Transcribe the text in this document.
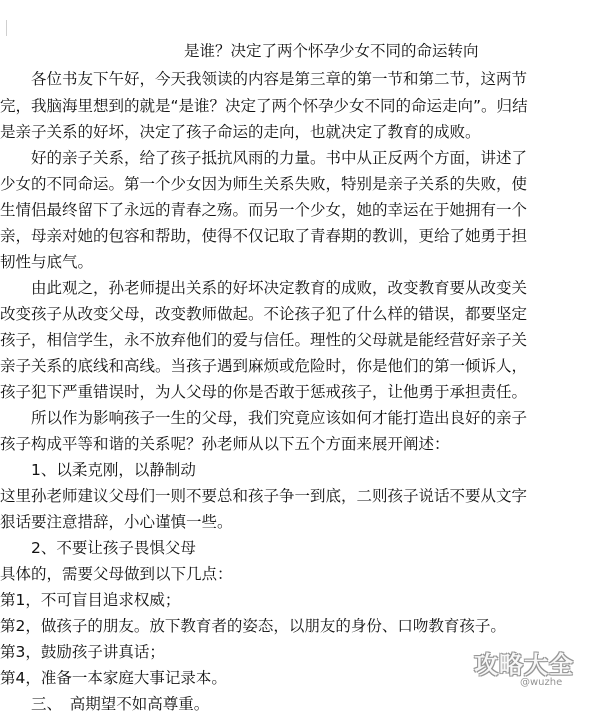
是谁？决定了两个怀孕少女不同的命运转向
　　各位书友下午好，今天我领读的内容是第三章的第一节和第二节，这两节
完，我脑海里想到的就是“是谁？决定了两个怀孕少女不同的命运走向”。归结
是亲子关系的好坏，决定了孩子命运的走向，也就决定了教育的成败。
　　好的亲子关系，给了孩子抵抗风雨的力量。书中从正反两个方面，讲述了
少女的不同命运。第一个少女因为师生关系失败，特别是亲子关系的失败，使
生情侣最终留下了永远的青春之殇。而另一个少女，她的幸运在于她拥有一个
亲，母亲对她的包容和帮助，使得不仅记取了青春期的教训，更给了她勇于担
韧性与底气。
　　由此观之，孙老师提出关系的好坏决定教育的成败，改变教育要从改变关
改变孩子从改变父母，改变教师做起。不论孩子犯了什么样的错误，都要坚定
孩子，相信学生，永不放弃他们的爱与信任。理性的父母就是能经营好亲子关
亲子关系的底线和高线。当孩子遇到麻烦或危险时，你是他们的第一倾诉人，
孩子犯下严重错误时，为人父母的你是否敢于惩戒孩子，让他勇于承担责任。
　　所以作为影响孩子一生的父母，我们究竟应该如何才能打造出良好的亲子
孩子构成平等和谐的关系呢？孙老师从以下五个方面来展开阐述：
　　1、以柔克刚，以静制动
这里孙老师建议父母们一则不要总和孩子争一到底，二则孩子说话不要从文字
狠话要注意措辞，小心谨慎一些。
　　2、不要让孩子畏惧父母
具体的，需要父母做到以下几点：
第1，不可盲目追求权威；
第2，做孩子的朋友。放下教育者的姿态，以朋友的身份、口吻教育孩子。
第3，鼓励孩子讲真话；
第4，准备一本家庭大事记录本。
　　三、　高期望不如高尊重。
攻略大全
@wuzhe
